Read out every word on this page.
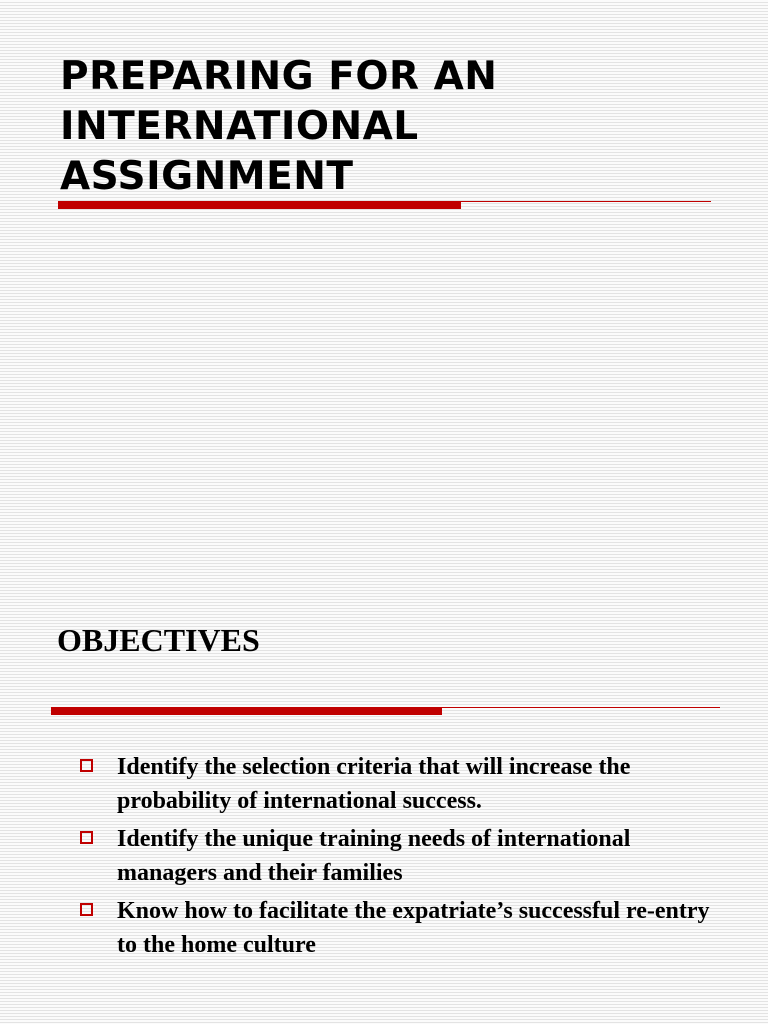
PREPARING FOR AN INTERNATIONAL ASSIGNMENT
OBJECTIVES
Identify the selection criteria that will increase the probability of international success.
Identify the unique training needs of international managers and their families
Know how to facilitate the expatriate’s successful re-entry to the home culture
